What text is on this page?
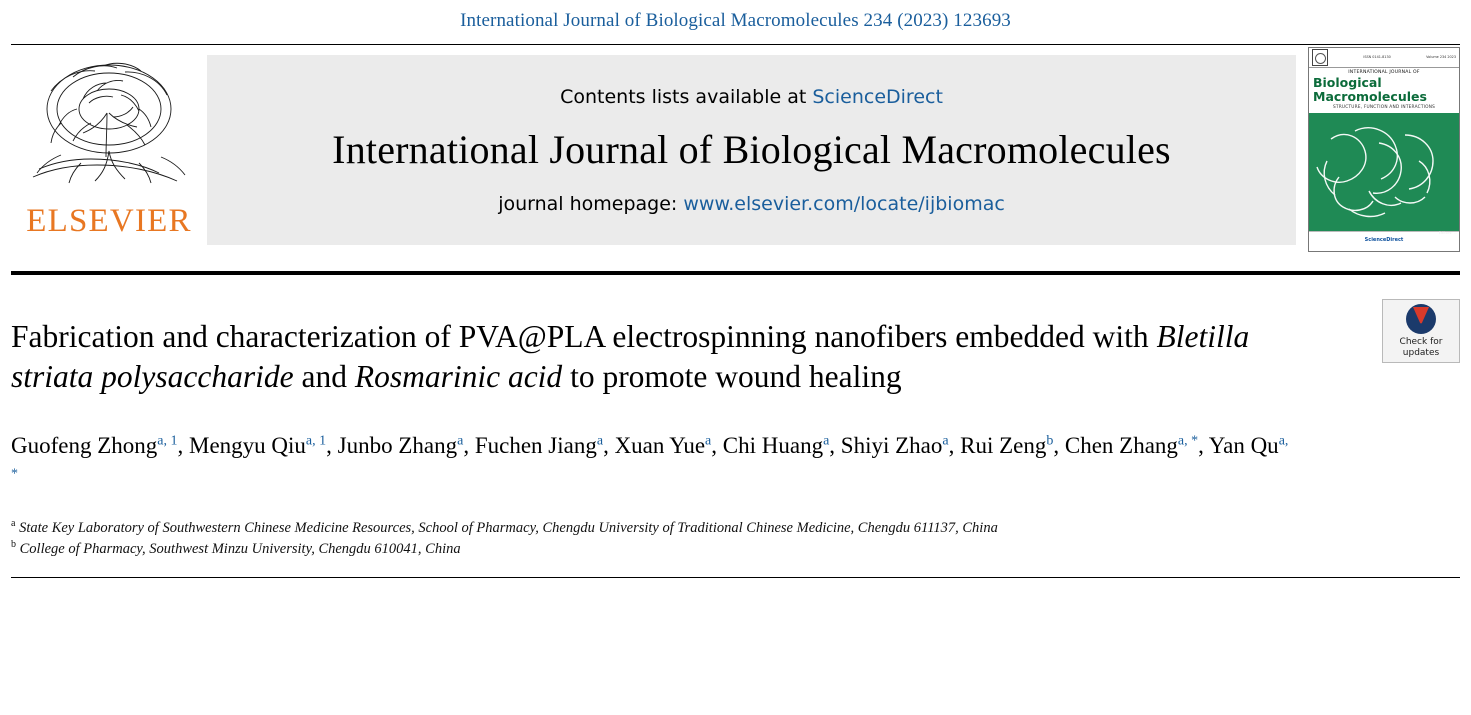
International Journal of Biological Macromolecules 234 (2023) 123693
ELSEVIER
Contents lists available at ScienceDirect
International Journal of Biological Macromolecules
journal homepage: www.elsevier.com/locate/ijbiomac
ISSN 0141-8130	Volume 234 2023
INTERNATIONAL JOURNAL OF
Biological
Macromolecules
STRUCTURE, FUNCTION AND INTERACTIONS
Editors: ...
ScienceDirect
Check for
updates
Fabrication and characterization of PVA@PLA electrospinning nanofibers embedded with Bletilla striata polysaccharide and Rosmarinic acid to promote wound healing
Guofeng Zhong$^{a, 1}$, Mengyu Qiu$^{a, 1}$, Junbo Zhang$^a$, Fuchen Jiang$^a$, Xuan Yue$^a$, Chi Huang$^a$, Shiyi Zhao$^a$, Rui Zeng$^b$, Chen Zhang$^{a, *}$, Yan $Qu^{a, *}$
$^a$ State Key Laboratory of Southwestern Chinese Medicine Resources, School of Pharmacy, Chengdu University of Traditional Chinese Medicine, Chengdu 611137, China
$^b$ College of Pharmacy, Southwest Minzu University, Chengdu 610041, China
